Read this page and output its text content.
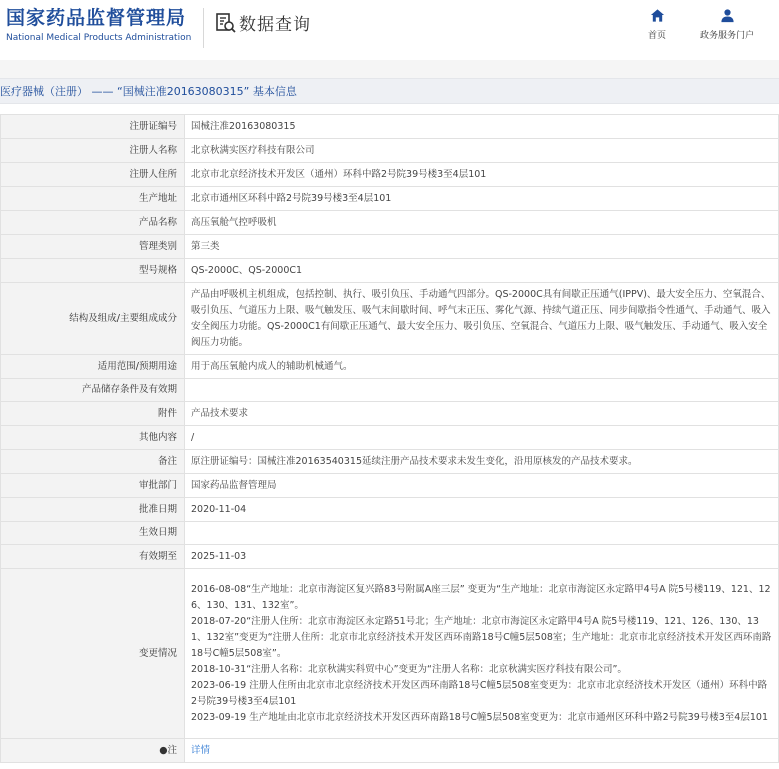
国家药品监督管理局
National Medical Products Administration
数据查询
首页	政务服务门户
医疗器械（注册） —— “国械注准20163080315” 基本信息
注册证编号	国械注准20163080315
注册人名称	北京秋满实医疗科技有限公司
注册人住所	北京市北京经济技术开发区（通州）环科中路2号院39号楼3至4层101
生产地址	北京市通州区环科中路2号院39号楼3至4层101
产品名称	高压氧舱气控呼吸机
管理类别	第三类
型号规格	QS-2000C、QS-2000C1
结构及组成/主要组成成分	产品由呼吸机主机组成，包括控制、执行、吸引负压、手动通气四部分。QS-2000C具有间歇正压通气(IPPV)、最大安全压力、空氧混合、吸引负压、气道压力上限、吸气触发压、吸气末间歇时间、呼气末正压、雾化气源、持续气道正压、同步间歇指令性通气、手动通气、吸入安全阀压力功能。QS-2000C1有间歇正压通气、最大安全压力、吸引负压、空氧混合、气道压力上限、吸气触发压、手动通气、吸入安全阀压力功能。
适用范围/预期用途	用于高压氧舱内成人的辅助机械通气。
产品储存条件及有效期	
附件	产品技术要求
其他内容	/
备注	原注册证编号：国械注准20163540315延续注册产品技术要求未发生变化，沿用原核发的产品技术要求。
审批部门	国家药品监督管理局
批准日期	2020-11-04
生效日期	
有效期至	2025-11-03
变更情况	2016-08-08“生产地址：北京市海淀区复兴路83号附属A座三层” 变更为“生产地址：北京市海淀区永定路甲4号A 院5号楼119、121、126、130、131、132室”。
2018-07-20“注册人住所：北京市海淀区永定路51号北；生产地址：北京市海淀区永定路甲4号A 院5号楼119、121、126、130、131、132室”变更为“注册人住所：北京市北京经济技术开发区西环南路18号C幢5层508室；生产地址：北京市北京经济技术开发区西环南路18号C幢5层508室”。
2018-10-31“注册人名称：北京秋满实科贸中心”变更为“注册人名称：北京秋满实医疗科技有限公司”。
2023-06-19 注册人住所由北京市北京经济技术开发区西环南路18号C幢5层508室变更为：北京市北京经济技术开发区（通州）环科中路2号院39号楼3至4层101
2023-09-19 生产地址由北京市北京经济技术开发区西环南路18号C幢5层508室变更为：北京市通州区环科中路2号院39号楼3至4层101

●注	详情
